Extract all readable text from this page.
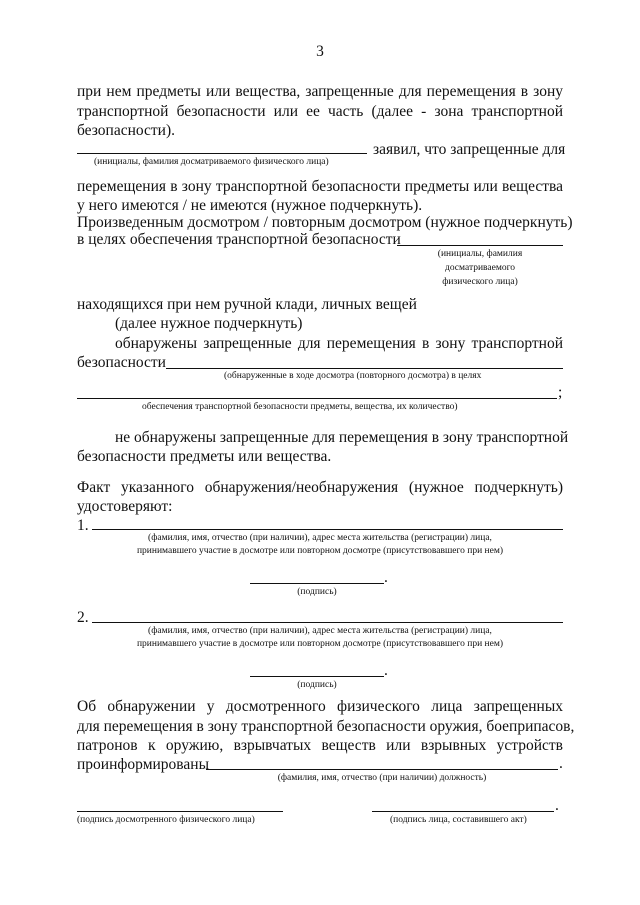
3
при нем предметы или вещества, запрещенные для перемещения в зону
транспортной безопасности или ее часть (далее - зона транспортной
безопасности).
заявил, что запрещенные для
(инициалы, фамилия досматриваемого физического лица)
перемещения в зону транспортной безопасности предметы или вещества
у него имеются / не имеются (нужное подчеркнуть).
Произведенным досмотром / повторным досмотром (нужное подчеркнуть)
в целях обеспечения транспортной безопасности
(инициалы, фамилия
досматриваемого
физического лица)
находящихся при нем ручной клади, личных вещей
(далее нужное подчеркнуть)
обнаружены запрещенные для перемещения в зону транспортной
безопасности
(обнаруженные в ходе досмотра (повторного досмотра) в целях
;
обеспечения транспортной безопасности предметы, вещества, их количество)
не обнаружены запрещенные для перемещения в зону транспортной
безопасности предметы или вещества.
Факт указанного обнаружения/необнаружения (нужное подчеркнуть)
удостоверяют:
1.
(фамилия, имя, отчество (при наличии), адрес места жительства (регистрации) лица,
принимавшего участие в досмотре или повторном досмотре (присутствовавшего при нем)
.
(подпись)
2.
(фамилия, имя, отчество (при наличии), адрес места жительства (регистрации) лица,
принимавшего участие в досмотре или повторном досмотре (присутствовавшего при нем)
.
(подпись)
Об обнаружении у досмотренного физического лица запрещенных
для перемещения в зону транспортной безопасности оружия, боеприпасов,
патронов к оружию, взрывчатых веществ или взрывных устройств
проинформированы	.
(фамилия, имя, отчество (при наличии) должность)
(подпись досмотренного физического лица)
.
(подпись лица, составившего акт)
